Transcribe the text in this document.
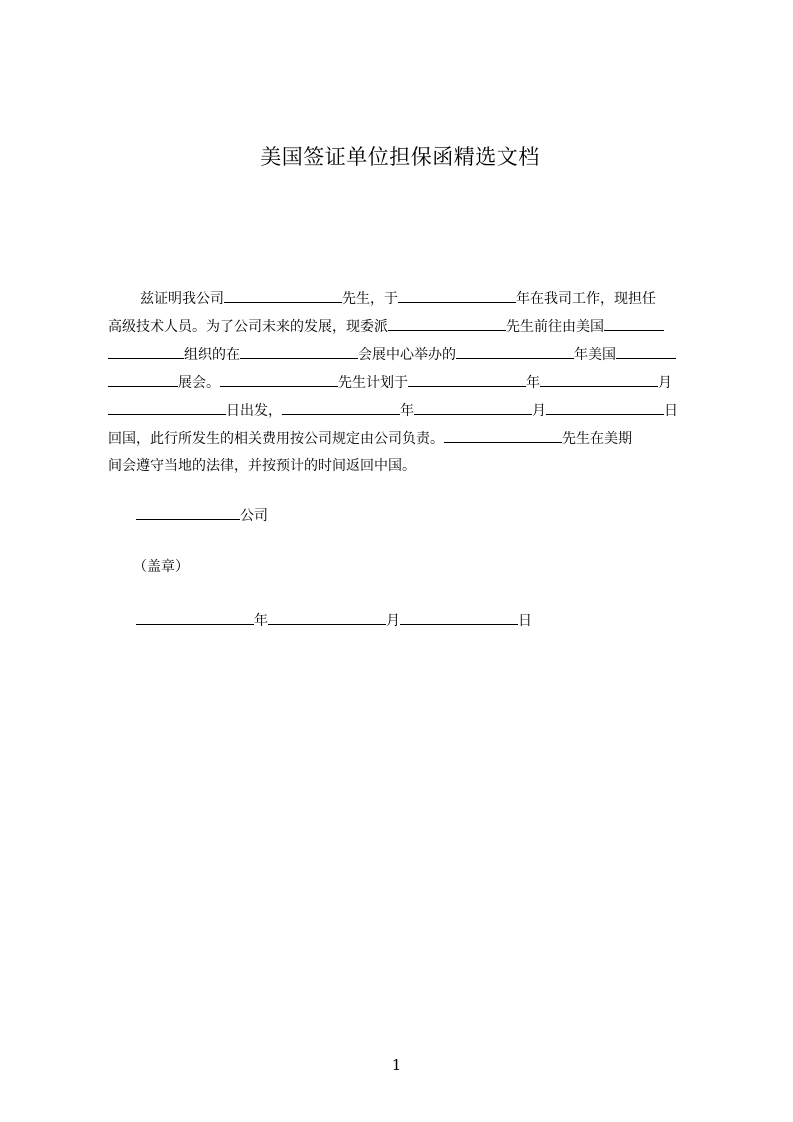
美国签证单位担保函精选文档
兹证明我公司	先生，于	年在我司工作，现担任
高级技术人员。为了公司未来的发展，现委派	先生前往由美国
组织的在	会展中心举办的	年美国
展会。	先生计划于	年	月
日出发，	年	月	日
回国，此行所发生的相关费用按公司规定由公司负责。	先生在美期
间会遵守当地的法律，并按预计的时间返回中国。
公司
（盖章）
年	月	日
1
